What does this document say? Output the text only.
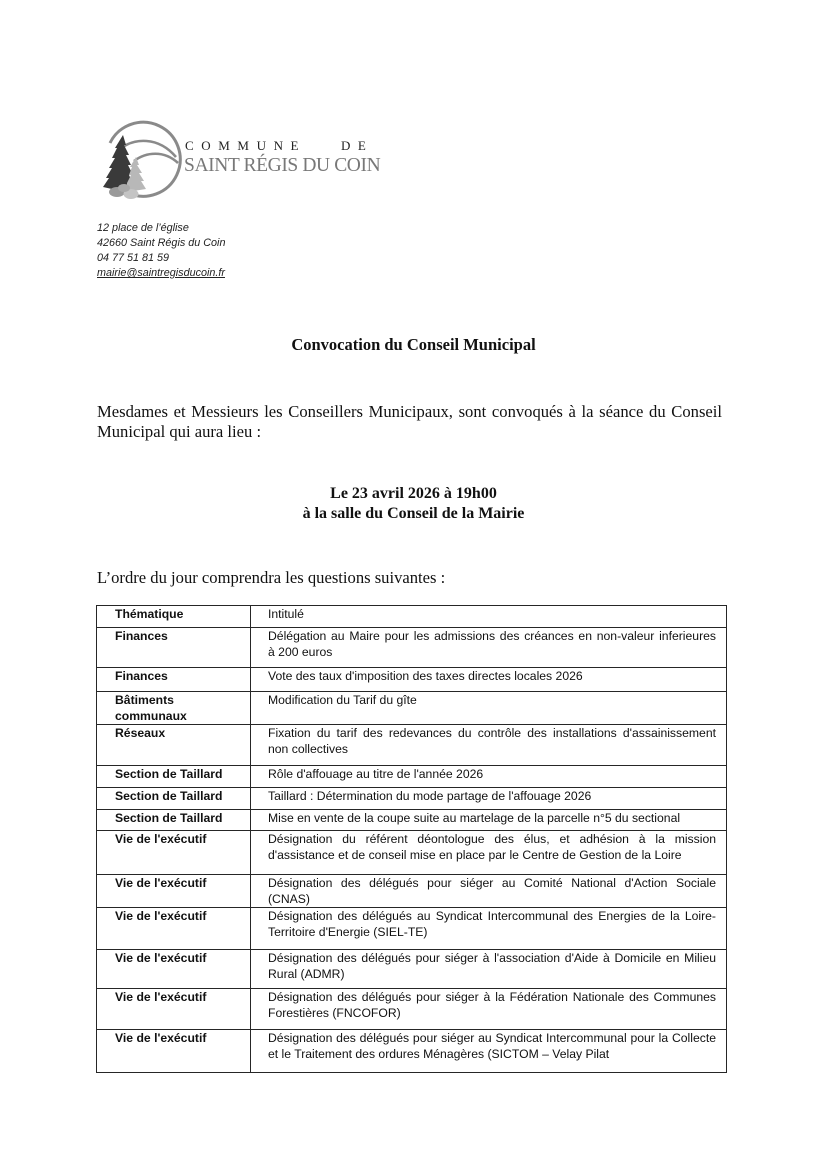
COMMUNE DE
SAINT RÉGIS DU COIN
12 place de l’église
42660 Saint Régis du Coin
04 77 51 81 59
mairie@saintregisducoin.fr
Convocation du Conseil Municipal
Mesdames et Messieurs les Conseillers Municipaux, sont convoqués à la séance du Conseil Municipal qui aura lieu :
Le 23 avril 2026 à 19h00
à la salle du Conseil de la Mairie
L’ordre du jour comprendra les questions suivantes :
Thématique	Intitulé
Finances	Délégation au Maire pour les admissions des créances en non-valeur inferieures
à 200 euros

Finances	Vote des taux d'imposition des taxes directes locales 2026

Bâtiments communaux	Modification du Tarif du gîte

Réseaux	Fixation du tarif des redevances du contrôle des installations d'assainissement
non collectives

Section de Taillard	Rôle d'affouage au titre de l'année 2026

Section de Taillard	Taillard : Détermination du mode partage de l'affouage 2026

Section de Taillard	Mise en vente de la coupe suite au martelage de la parcelle n°5 du sectional

Vie de l'exécutif	Désignation du référent déontologue des élus, et adhésion à la mission
d'assistance et de conseil mise en place par le Centre de Gestion de la Loire

Vie de l'exécutif	Désignation des délégués pour siéger au Comité National d'Action Sociale
(CNAS)

Vie de l'exécutif	Désignation des délégués au Syndicat Intercommunal des Energies de la Loire-
Territoire d'Energie (SIEL-TE)

Vie de l'exécutif	Désignation des délégués pour siéger à l'association d'Aide à Domicile en Milieu
Rural (ADMR)

Vie de l'exécutif	Désignation des délégués pour siéger à la Fédération Nationale des Communes
Forestières (FNCOFOR)

Vie de l'exécutif	Désignation des délégués pour siéger au Syndicat Intercommunal pour la Collecte
et le Traitement des ordures Ménagères (SICTOM – Velay Pilat
